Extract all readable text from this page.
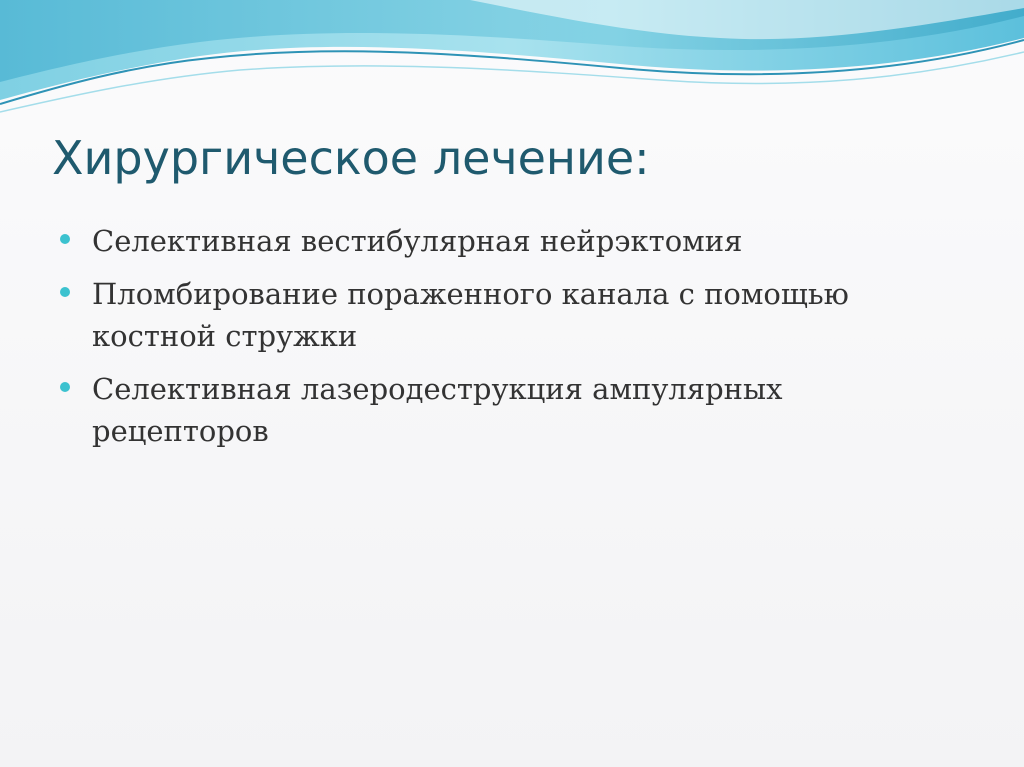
Хирургическое лечение:
Селективная вестибулярная нейрэктомия
Пломбирование пораженного канала с помощью костной стружки
Селективная лазеродеструкция ампулярных рецепторов
